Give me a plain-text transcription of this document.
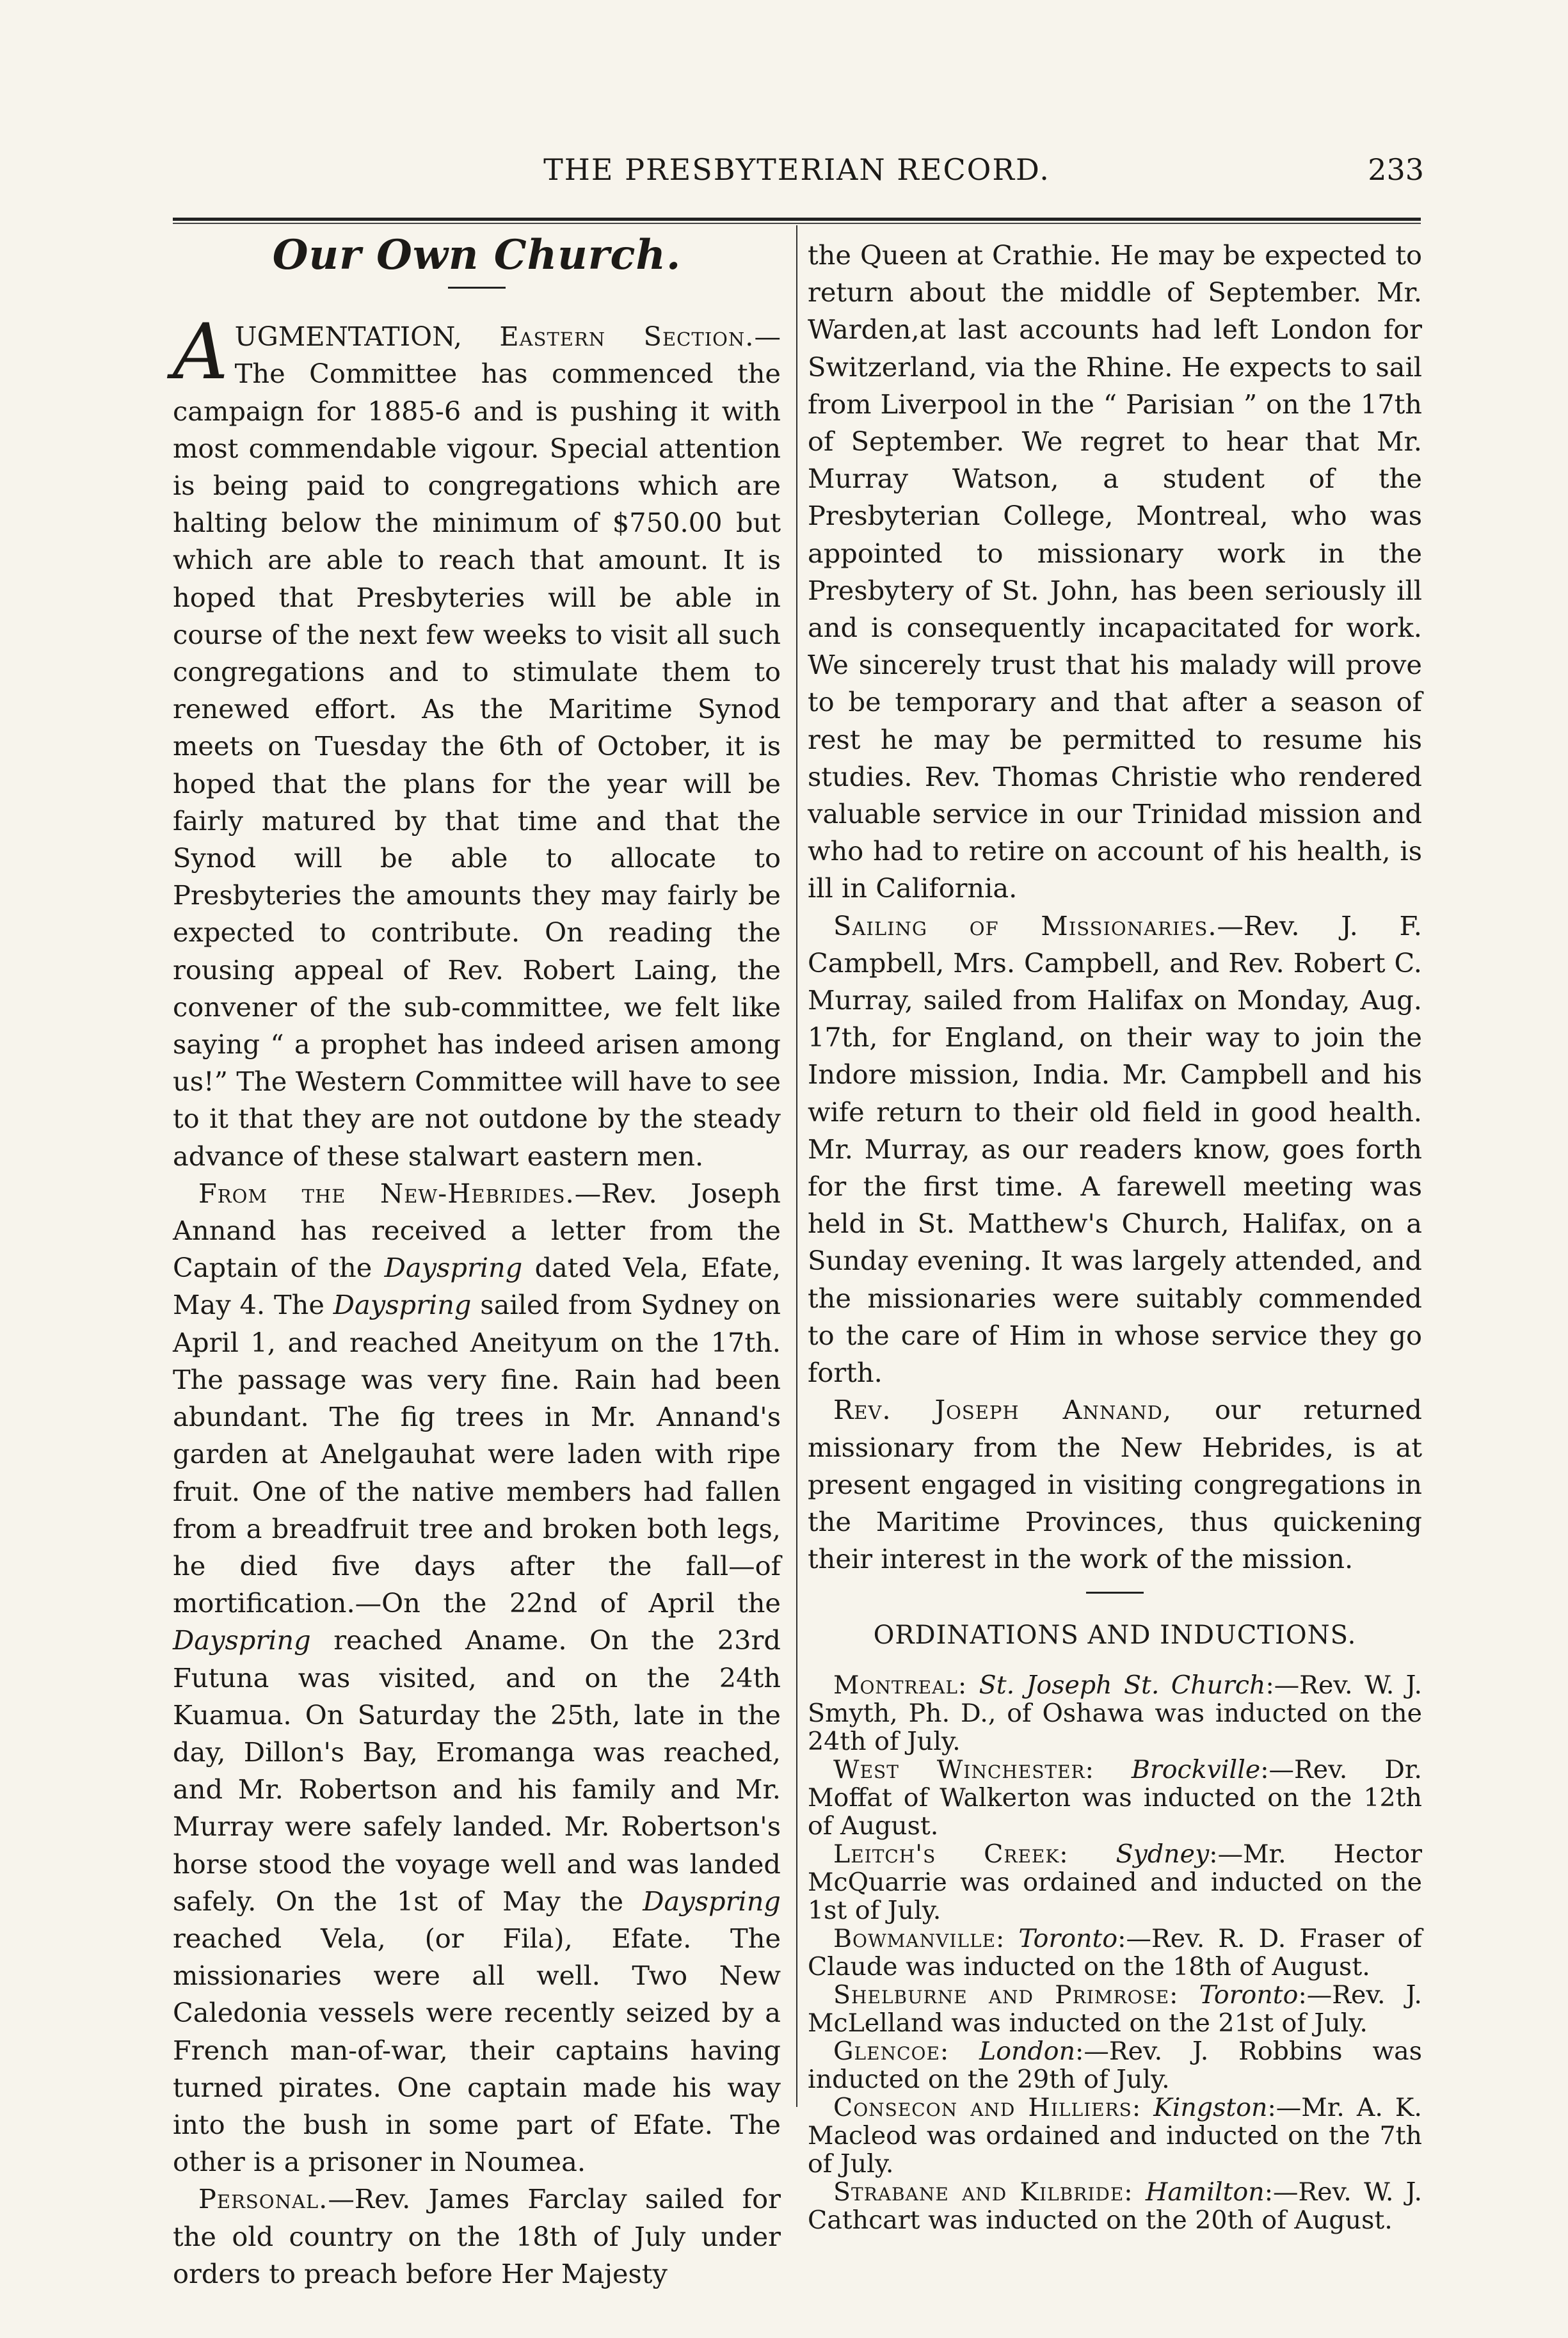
THE PRESBYTERIAN RECORD.	233
Our Own Church.

AUGMENTATION, Eastern Section.— The Committee has commenced the campaign for 1885-6 and is pushing it with most commendable vigour. Special attention is being paid to congregations which are halting below the minimum of $750.00 but which are able to reach that amount. It is hoped that Presbyteries will be able in course of the next few weeks to visit all such congregations and to stimulate them to renewed effort. As the Maritime Synod meets on Tuesday the 6th of October, it is hoped that the plans for the year will be fairly matured by that time and that the Synod will be able to allocate to Presbyteries the amounts they may fairly be expected to contribute. On reading the rousing appeal of Rev. Robert Laing, the convener of the sub-committee, we felt like saying “ a prophet has indeed arisen among us!” The Western Committee will have to see to it that they are not outdone by the steady advance of these stalwart eastern men.

From the New-Hebrides.—Rev. Joseph Annand has received a letter from the Captain of the Dayspring dated Vela, Efate, May 4. The Dayspring sailed from Sydney on April 1, and reached Aneityum on the 17th. The passage was very fine. Rain had been abundant. The fig trees in Mr. Annand's garden at Anelgauhat were laden with ripe fruit. One of the native members had fallen from a breadfruit tree and broken both legs, he died five days after the fall—of mortification.—On the 22nd of April the Dayspring reached Aname. On the 23rd Futuna was visited, and on the 24th Kuamua. On Saturday the 25th, late in the day, Dillon's Bay, Eromanga was reached, and Mr. Robertson and his family and Mr. Murray were safely landed. Mr. Robertson's horse stood the voyage well and was landed safely. On the 1st of May the Dayspring reached Vela, (or Fila), Efate. The missionaries were all well. Two New Caledonia vessels were recently seized by a French man-of-war, their captains having turned pirates. One captain made his way into the bush in some part of Efate. The other is a prisoner in Noumea.

Personal.—Rev. James Farclay sailed for the old country on the 18th of July under orders to preach before Her Majesty

the Queen at Crathie. He may be expected to return about the middle of September. Mr. Warden,at last accounts had left London for Switzerland, via the Rhine. He expects to sail from Liverpool in the “ Parisian ” on the 17th of September. We regret to hear that Mr. Murray Watson, a student of the Presbyterian College, Montreal, who was appointed to missionary work in the Presbytery of St. John, has been seriously ill and is consequently incapacitated for work. We sincerely trust that his malady will prove to be temporary and that after a season of rest he may be permitted to resume his studies. Rev. Thomas Christie who rendered valuable service in our Trinidad mission and who had to retire on account of his health, is ill in California.

Sailing of Missionaries.—Rev. J. F. Campbell, Mrs. Campbell, and Rev. Robert C. Murray, sailed from Halifax on Monday, Aug. 17th, for England, on their way to join the Indore mission, India. Mr. Campbell and his wife return to their old field in good health. Mr. Murray, as our readers know, goes forth for the first time. A farewell meeting was held in St. Matthew's Church, Halifax, on a Sunday evening. It was largely attended, and the missionaries were suitably commended to the care of Him in whose service they go forth.

Rev. Joseph Annand, our returned missionary from the New Hebrides, is at present engaged in visiting congregations in the Maritime Provinces, thus quickening their interest in the work of the mission.

ORDINATIONS AND INDUCTIONS.

Montreal: St. Joseph St. Church:—Rev. W. J. Smyth, Ph. D., of Oshawa was inducted on the 24th of July.

West Winchester: Brockville:—Rev. Dr. Moffat of Walkerton was inducted on the 12th of August.

Leitch's Creek: Sydney:—Mr. Hector McQuarrie was ordained and inducted on the 1st of July.

Bowmanville: Toronto:—Rev. R. D. Fraser of Claude was inducted on the 18th of August.

Shelburne and Primrose: Toronto:—Rev. J. McLelland was inducted on the 21st of July.

Glencoe: London:—Rev. J. Robbins was inducted on the 29th of July.

Consecon and Hilliers: Kingston:—Mr. A. K. Macleod was ordained and inducted on the 7th of July.

Strabane and Kilbride: Hamilton:—Rev. W. J. Cathcart was inducted on the 20th of August.
